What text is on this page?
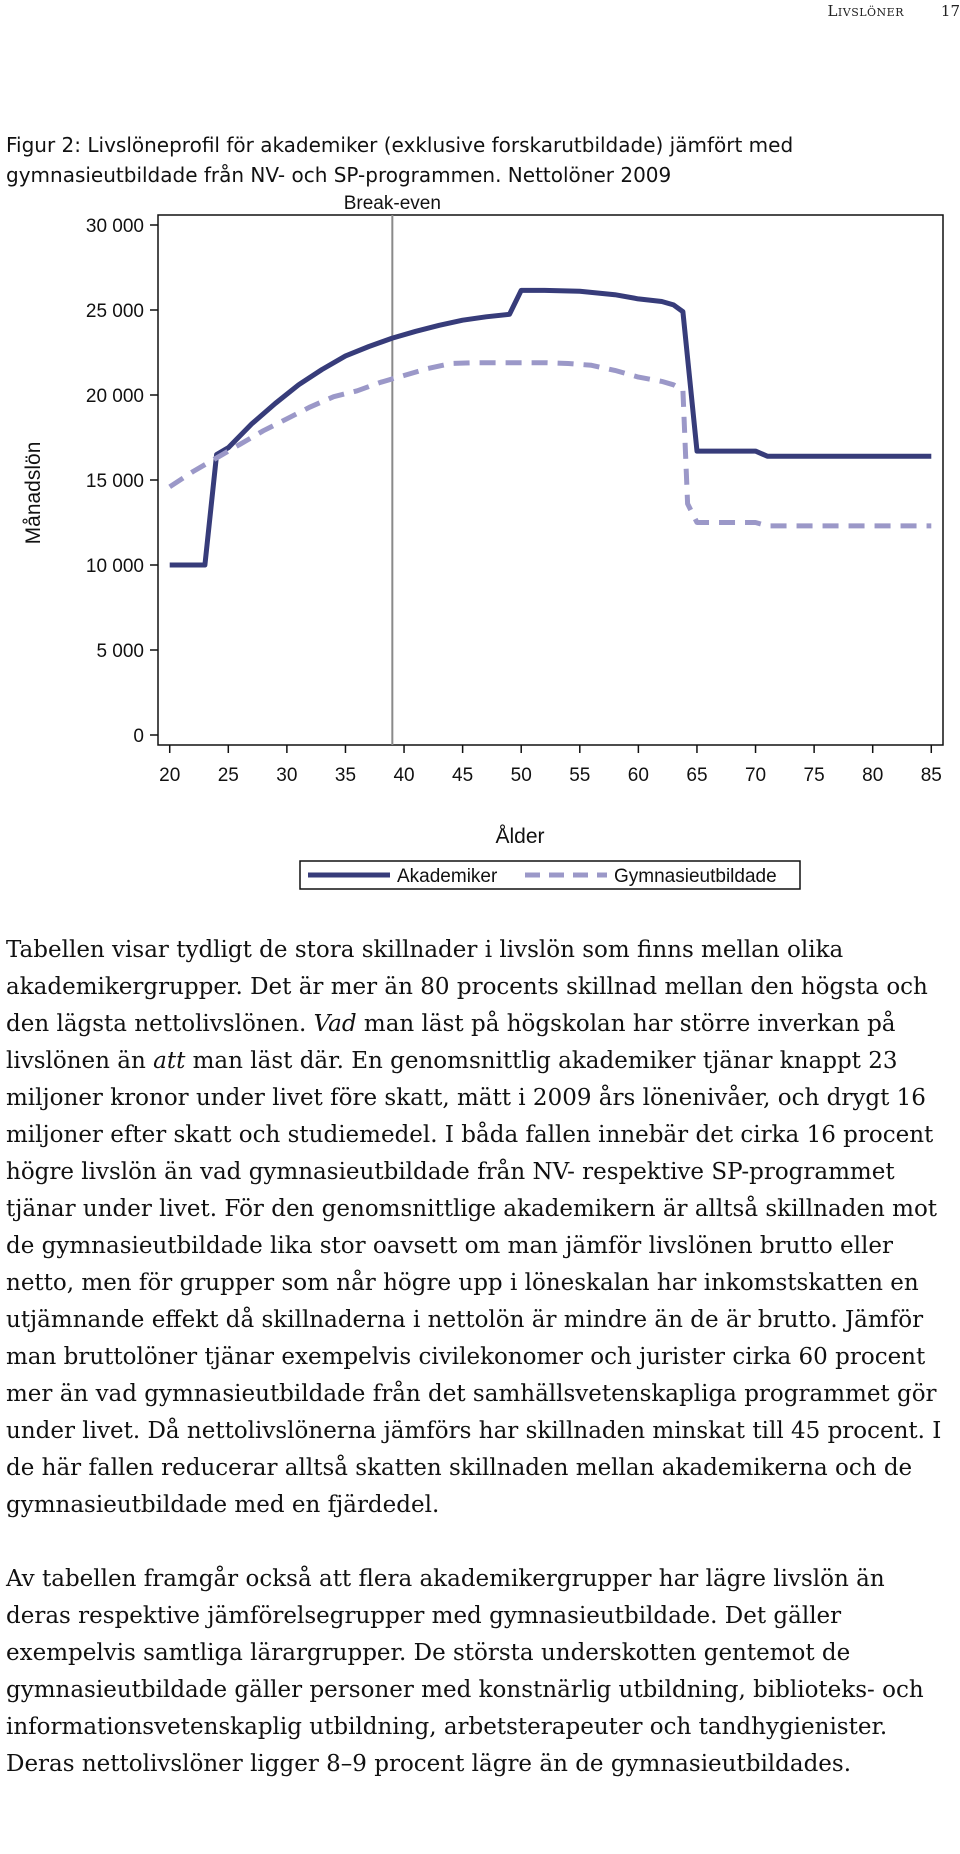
Livslöner 17
Figur 2: Livslöneprofil för akademiker (exklusive forskarutbildade) jämfört med gymnasieutbildade från NV- och SP-programmen. Nettolöner 2009
0
5 000
10 000
15 000
20 000
25 000
30 000
20 25 30 35 40 45 50 55 60 65 70 75 80 85
Ålder
Månadslön
Break-even
Akademiker	Gymnasieutbildade

Tabellen visar tydligt de stora skillnader i livslön som finns mellan olika akademikergrupper. Det är mer än 80 procents skillnad mellan den högsta och den lägsta nettolivslönen. Vad man läst på högskolan har större inverkan på livslönen än att man läst där. En genomsnittlig akademiker tjänar knappt 23 miljoner kronor under livet före skatt, mätt i 2009 års lönenivåer, och drygt 16 miljoner efter skatt och studiemedel. I båda fallen innebär det cirka 16 procent högre livslön än vad gymnasieutbildade från NV- respektive SP-programmet tjänar under livet. För den genomsnittlige akademikern är alltså skillnaden mot de gymnasieutbildade lika stor oavsett om man jämför livslönen brutto eller netto, men för grupper som når högre upp i löneskalan har inkomstskatten en utjämnande effekt då skillnaderna i nettolön är mindre än de är brutto. Jämför man bruttolöner tjänar exempelvis civilekonomer och jurister cirka 60 procent mer än vad gymnasieutbildade från det samhällsvetenskapliga programmet gör under livet. Då nettolivslönerna jämförs har skillnaden minskat till 45 procent. I de här fallen reducerar alltså skatten skillnaden mellan akademikerna och de gymnasieutbildade med en fjärdedel.

Av tabellen framgår också att flera akademikergrupper har lägre livslön än deras respektive jämförelsegrupper med gymnasieutbildade. Det gäller exempelvis samtliga lärargrupper. De största underskotten gentemot de gymnasieutbildade gäller personer med konstnärlig utbildning, biblioteks- och informationsvetenskaplig utbildning, arbetsterapeuter och tandhygienister. Deras nettolivslöner ligger 8–9 procent lägre än de gymnasieutbildades.
